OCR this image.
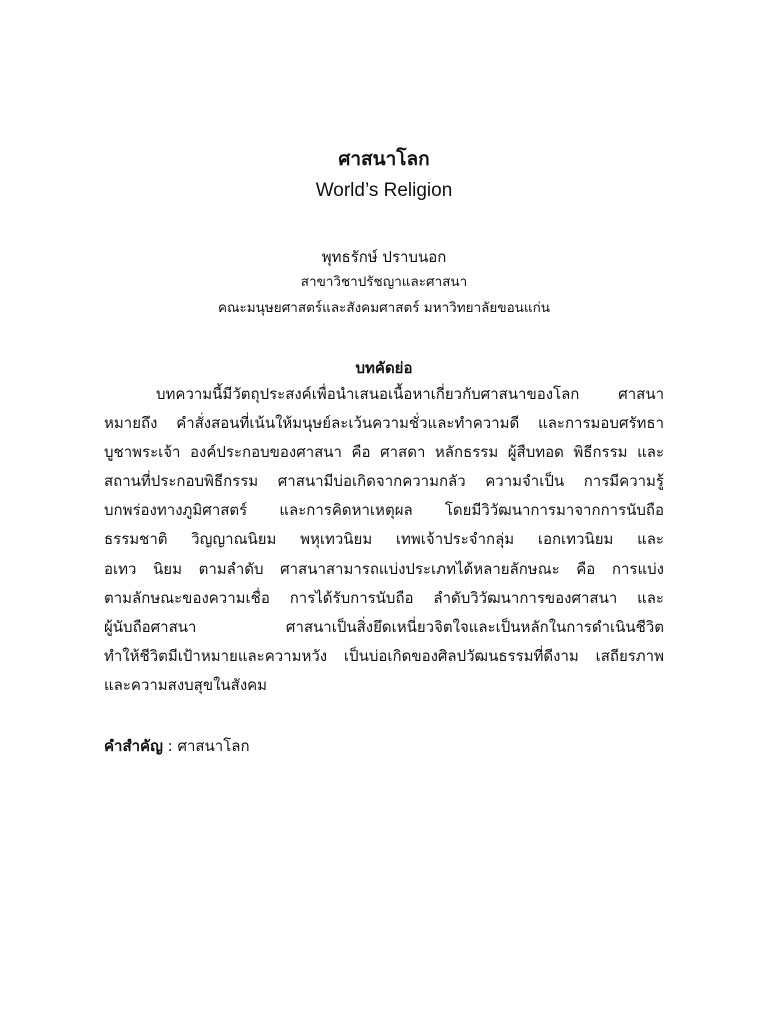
ศาสนาโลก
World’s Religion
พุทธรักษ์ ปราบนอก
สาขาวิชาปรัชญาและศาสนา
คณะมนุษยศาสตร์และสังคมศาสตร์ มหาวิทยาลัยขอนแก่น
บทคัดย่อ
บทความนี้มีวัตถุประสงค์เพื่อนำเสนอเนื้อหาเกี่ยวกับศาสนาของโลก ศาสนา
หมายถึง คำสั่งสอนที่เน้นให้มนุษย์ละเว้นความชั่วและทำความดี และการมอบศรัทธา
บูชาพระเจ้า องค์ประกอบของศาสนา คือ ศาสดา หลักธรรม ผู้สืบทอด พิธีกรรม และ
สถานที่ประกอบพิธีกรรม ศาสนามีบ่อเกิดจากความกลัว ความจำเป็น การมีความรู้
บกพร่องทางภูมิศาสตร์ และการคิดหาเหตุผล โดยมีวิวัฒนาการมาจากการนับถือ
ธรรมชาติ วิญญาณนิยม พหุเทวนิยม เทพเจ้าประจำกลุ่ม เอกเทวนิยม และ
อเทว นิยม ตามลำดับ ศาสนาสามารถแบ่งประเภทได้หลายลักษณะ คือ การแบ่ง
ตามลักษณะของความเชื่อ การได้รับการนับถือ ลำดับวิวัฒนาการของศาสนา และ
ผู้นับถือศาสนา ศาสนาเป็นสิ่งยึดเหนี่ยวจิตใจและเป็นหลักในการดำเนินชีวิต
ทำให้ชีวิตมีเป้าหมายและความหวัง เป็นบ่อเกิดของศิลปวัฒนธรรมที่ดีงาม เสถียรภาพ
และความสงบสุขในสังคม
คำสำคัญ : ศาสนาโลก
